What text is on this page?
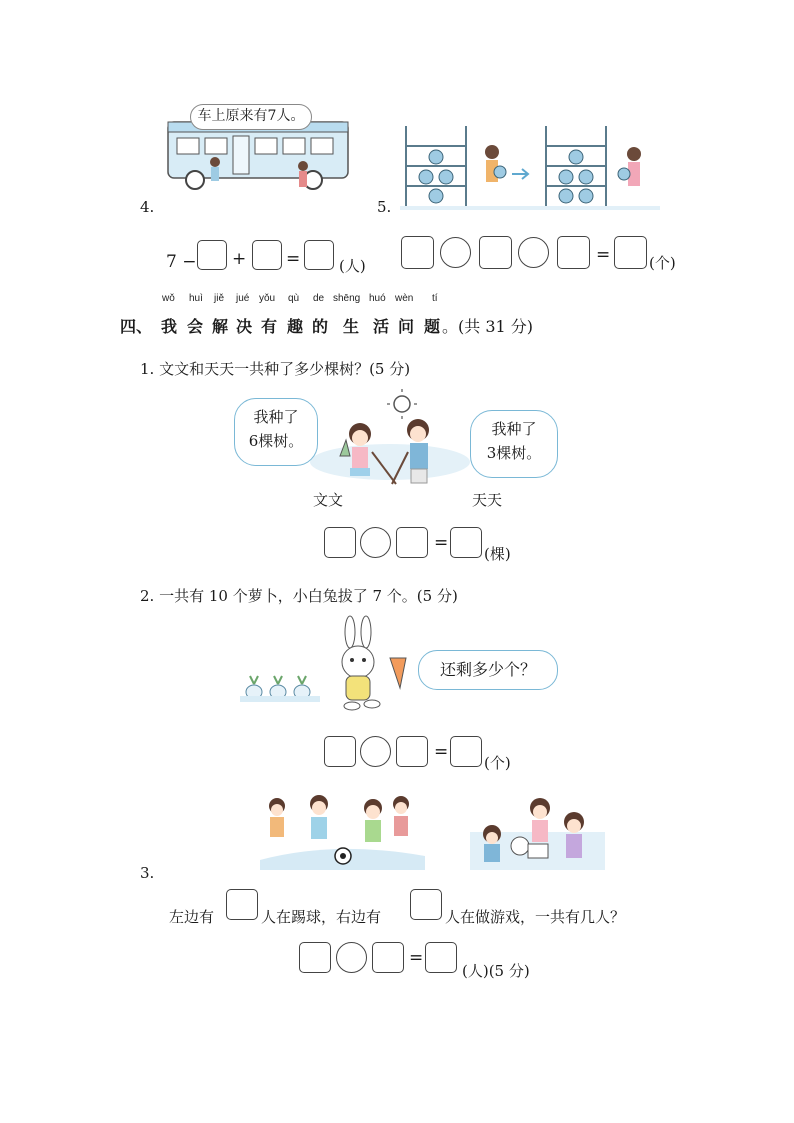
车上原来有7人。
4.
7 − + =	(人)
5.
=	(个)
wǒ huì jiě jué yǒu qù de shēng huó wèn tí
四、 我 会 解 决 有 趣 的 生 活 问 题 。(共 31 分)
1. 文文和天天一共种了多少棵树？(5 分)
我种了
6棵树。
我种了
3棵树。
文文	天天
=
(棵)
2. 一共有 10 个萝卜，小白兔拔了 7 个。(5 分)
还剩多少个？
=
(个)
3.
左边有	人在踢球，右边有	人在做游戏，一共有几人？
=
(人)(5 分)
